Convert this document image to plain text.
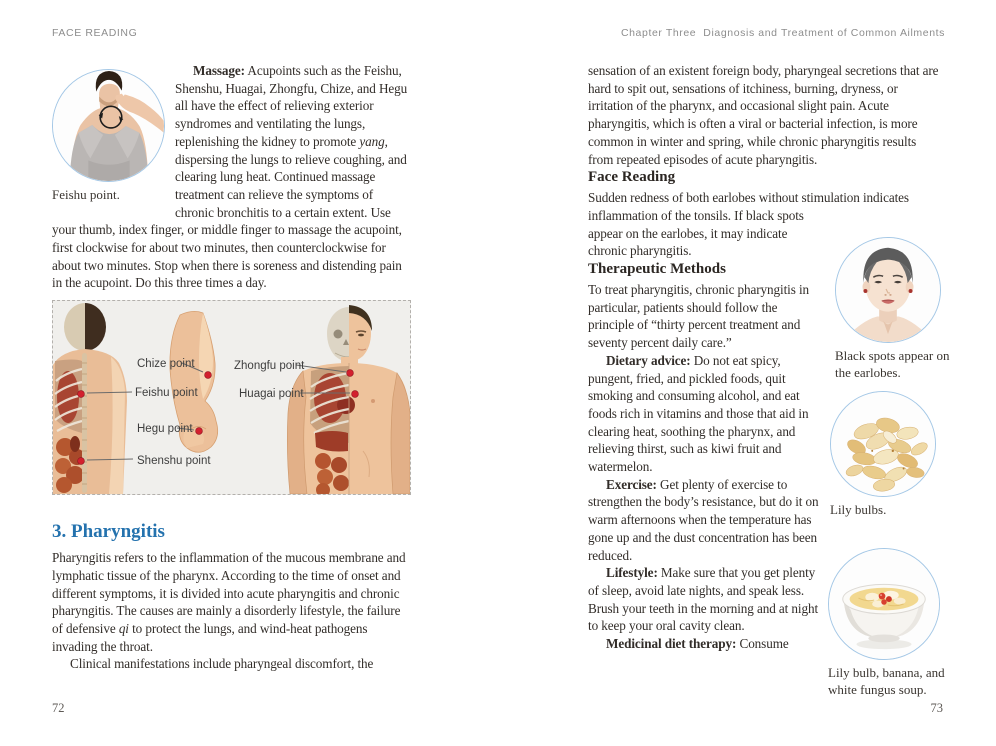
FACE READING	Chapter Three  Diagnosis and Treatment of Common Ailments
Feishu point.

Massage: Acupoints such as the Feishu, Shenshu, Huagai, Zhongfu, Chize, and Hegu all have the effect of relieving exterior syndromes and ventilating the lungs, replenishing the kidney to promote yang, dispersing the lungs to relieve coughing, and clearing lung heat. Continued massage treatment can relieve the symptoms of chronic bronchitis to a certain extent. Use your thumb, index finger, or middle finger to massage the acupoint, first clockwise for about two minutes, then counterclockwise for about two minutes. Stop when there is soreness and distending pain in the acupoint. Do this three times a day.

Chize point
Feishu point
Hegu point
Shenshu point
Zhongfu point
Huagai point
3. Pharyngitis

Pharyngitis refers to the inflammation of the mucous membrane and lymphatic tissue of the pharynx. According to the time of onset and different symptoms, it is divided into acute pharyngitis and chronic pharyngitis. The causes are mainly a disorderly lifestyle, the failure of defensive qi to protect the lungs, and wind-heat pathogens invading the throat.

Clinical manifestations include pharyngeal discomfort, the

sensation of an existent foreign body, pharyngeal secretions that are hard to spit out, sensations of itchiness, burning, dryness, or irritation of the pharynx, and occasional slight pain. Acute pharyngitis, which is often a viral or bacterial infection, is more common in winter and spring, while chronic pharyngitis results from repeated episodes of acute pharyngitis.

Face Reading

Sudden redness of both earlobes without stimulation indicates

inflammation of the tonsils. If black spots appear on the earlobes, it may indicate chronic pharyngitis.

Therapeutic Methods

To treat pharyngitis, chronic pharyngitis in particular, patients should follow the principle of “thirty percent treatment and seventy percent daily care.”

Dietary advice: Do not eat spicy, pungent, fried, and pickled foods, quit smoking and consuming alcohol, and eat foods rich in vitamins and those that aid in clearing heat, soothing the pharynx, and relieving thirst, such as kiwi fruit and watermelon.

Exercise: Get plenty of exercise to strengthen the body’s resistance, but do it on warm afternoons when the temperature has gone up and the dust concentration has been reduced.

Lifestyle: Make sure that you get plenty of sleep, avoid late nights, and speak less. Brush your teeth in the morning and at night to keep your oral cavity clean.

Medicinal diet therapy: Consume

Black spots appear on the earlobes.
Lily bulbs.
Lily bulb, banana, and white fungus soup.
72	73
